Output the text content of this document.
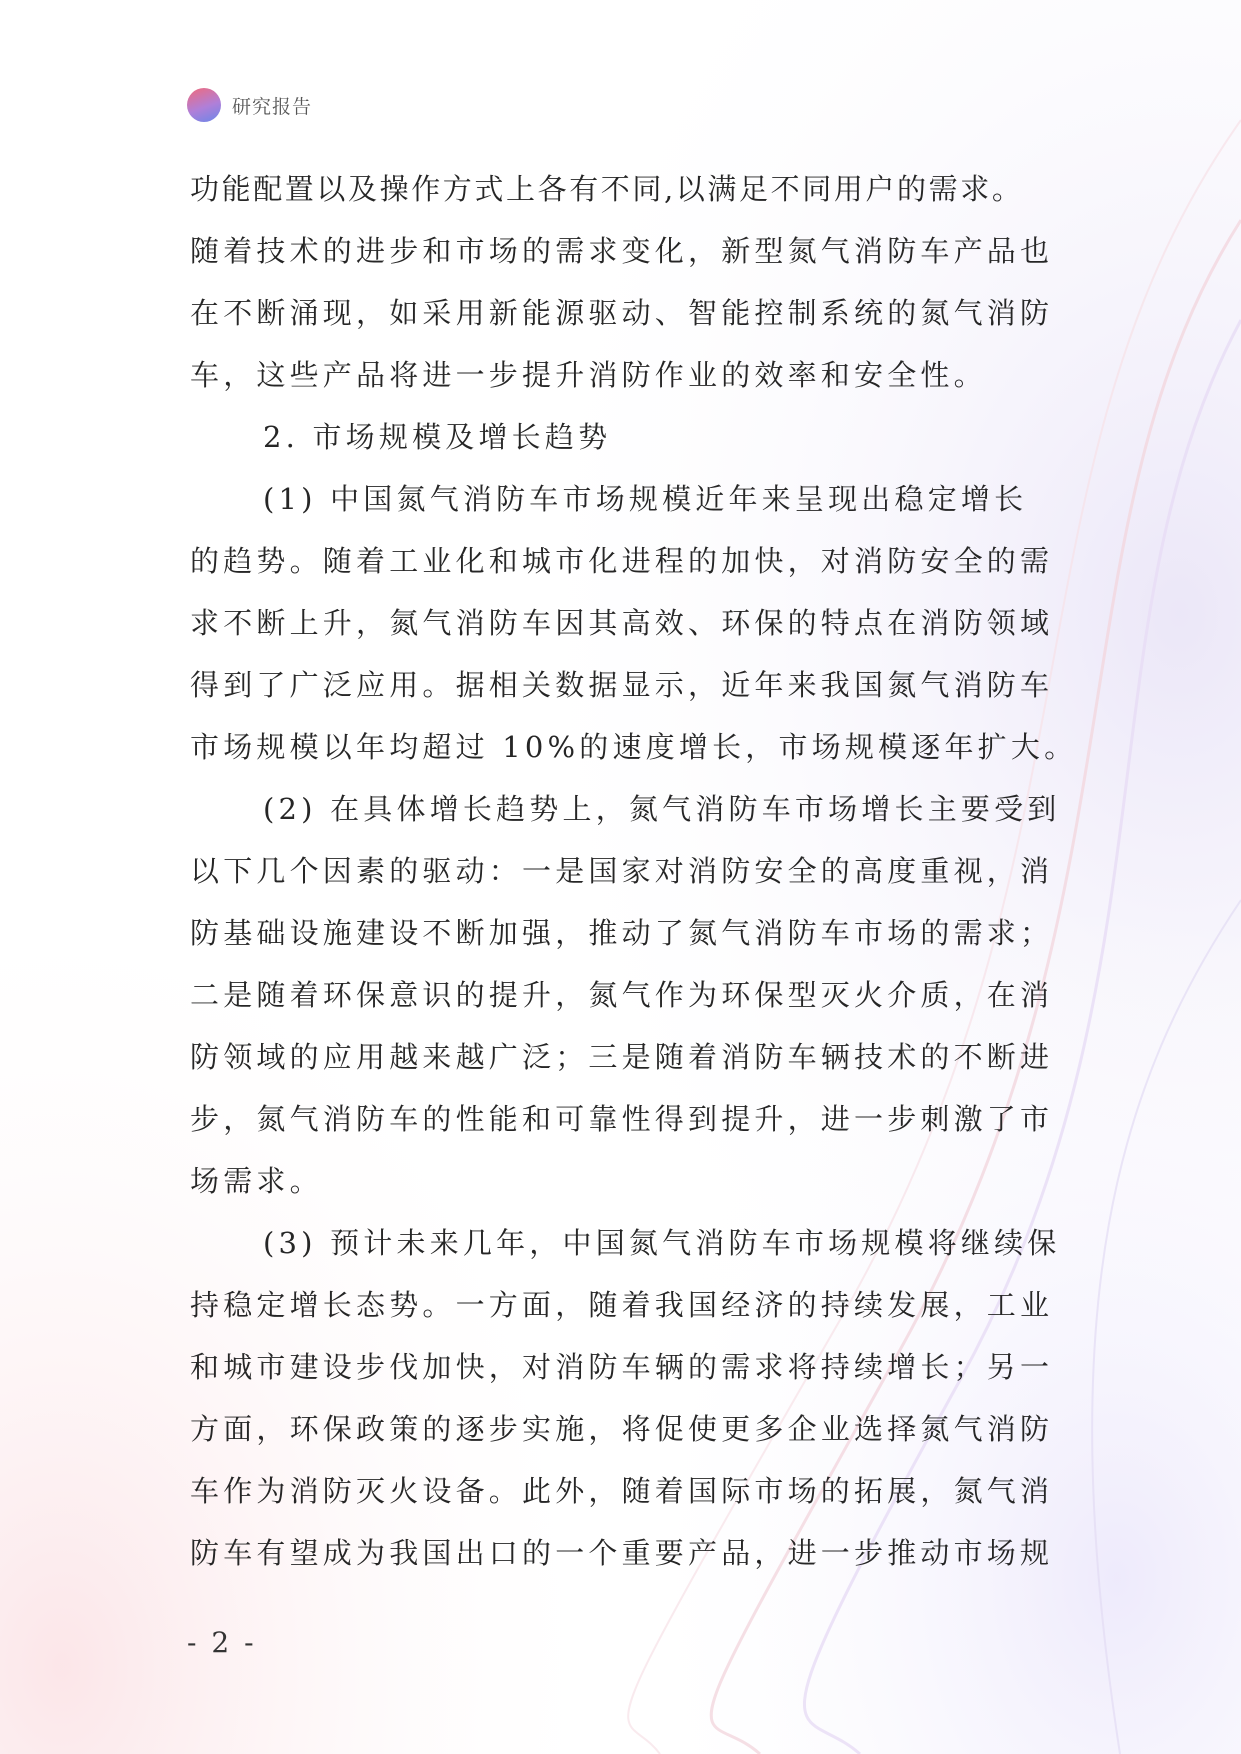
研究报告
功能配置以及操作方式上各有不同,以满足不同用户的需求。
随着技术的进步和市场的需求变化，新型氮气消防车产品也
在不断涌现，如采用新能源驱动、智能控制系统的氮气消防
车，这些产品将进一步提升消防作业的效率和安全性。
2. 市场规模及增长趋势
(1) 中国氮气消防车市场规模近年来呈现出稳定增长
的趋势。随着工业化和城市化进程的加快，对消防安全的需
求不断上升，氮气消防车因其高效、环保的特点在消防领域
得到了广泛应用。据相关数据显示，近年来我国氮气消防车
市场规模以年均超过 10%的速度增长，市场规模逐年扩大。
(2) 在具体增长趋势上，氮气消防车市场增长主要受到
以下几个因素的驱动：一是国家对消防安全的高度重视，消
防基础设施建设不断加强，推动了氮气消防车市场的需求；
二是随着环保意识的提升，氮气作为环保型灭火介质，在消
防领域的应用越来越广泛；三是随着消防车辆技术的不断进
步，氮气消防车的性能和可靠性得到提升，进一步刺激了市
场需求。
(3) 预计未来几年，中国氮气消防车市场规模将继续保
持稳定增长态势。一方面，随着我国经济的持续发展，工业
和城市建设步伐加快，对消防车辆的需求将持续增长；另一
方面，环保政策的逐步实施，将促使更多企业选择氮气消防
车作为消防灭火设备。此外，随着国际市场的拓展，氮气消
防车有望成为我国出口的一个重要产品，进一步推动市场规
- 2 -
